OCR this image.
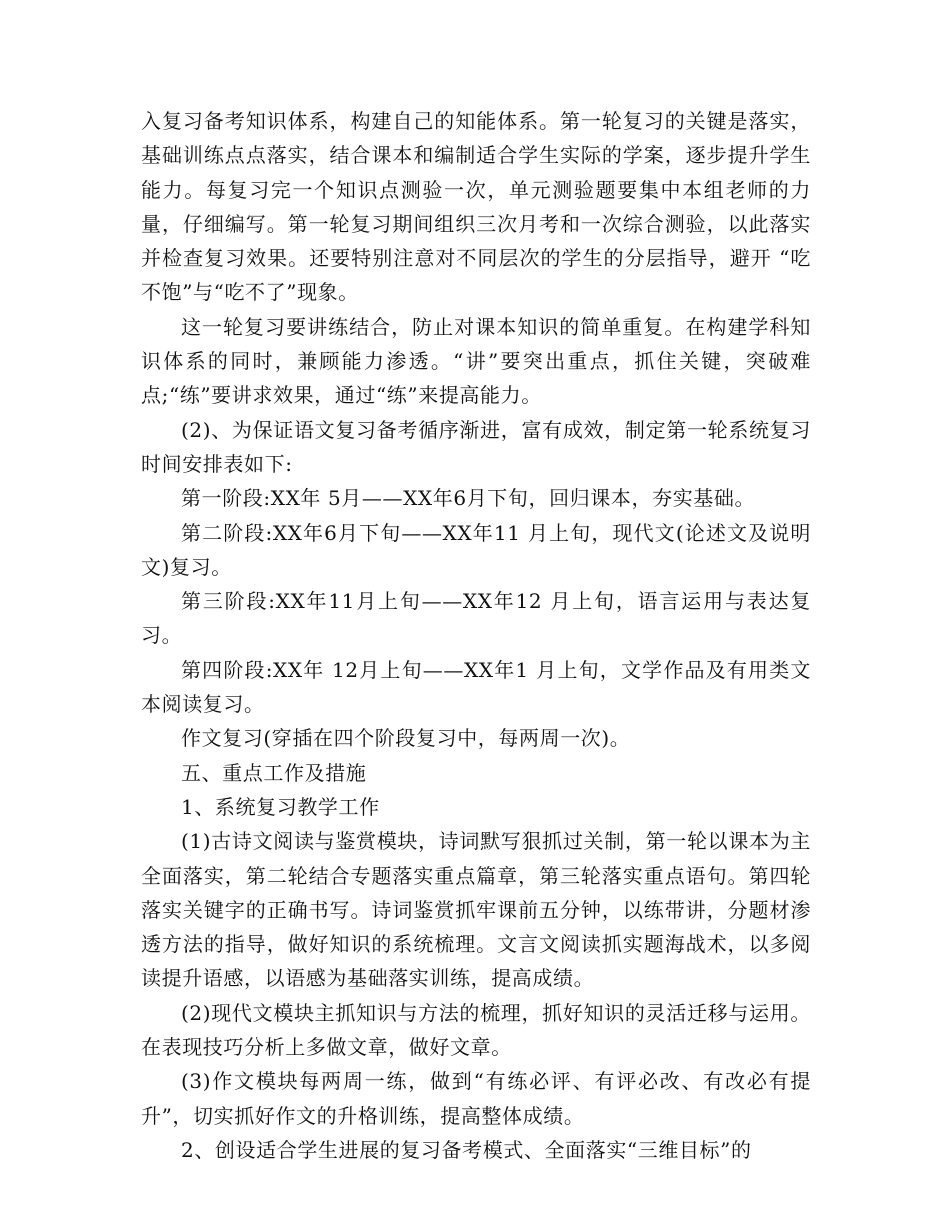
入复习备考知识体系，构建自己的知能体系。第一轮复习的关键是落实，基础训练点点落实，结合课本和编制适合学生实际的学案，逐步提升学生能力。每复习完一个知识点测验一次，单元测验题要集中本组老师的力量，仔细编写。第一轮复习期间组织三次月考和一次综合测验，以此落实并检查复习效果。还要特别注意对不同层次的学生的分层指导，避开 “吃不饱”与“吃不了”现象。

这一轮复习要讲练结合，防止对课本知识的简单重复。在构建学科知识体系的同时，兼顾能力渗透。“讲”要突出重点，抓住关键，突破难点;“练”要讲求效果，通过“练”来提高能力。

(2)、为保证语文复习备考循序渐进，富有成效，制定第一轮系统复习时间安排表如下:

第一阶段:XX年 5月——XX年6月下旬，回归课本，夯实基础。

第二阶段:XX年6月下旬——XX年11 月上旬，现代文(论述文及说明文)复习。

第三阶段:XX年11月上旬——XX年12 月上旬，语言运用与表达复习。

第四阶段:XX年 12月上旬——XX年1 月上旬，文学作品及有用类文本阅读复习。

作文复习(穿插在四个阶段复习中，每两周一次)。

五、重点工作及措施

1、系统复习教学工作

(1)古诗文阅读与鉴赏模块，诗词默写狠抓过关制，第一轮以课本为主全面落实，第二轮结合专题落实重点篇章，第三轮落实重点语句。第四轮落实关键字的正确书写。诗词鉴赏抓牢课前五分钟，以练带讲，分题材渗透方法的指导，做好知识的系统梳理。文言文阅读抓实题海战术，以多阅读提升语感，以语感为基础落实训练，提高成绩。

(2)现代文模块主抓知识与方法的梳理，抓好知识的灵活迁移与运用。在表现技巧分析上多做文章，做好文章。

(3)作文模块每两周一练，做到“有练必评、有评必改、有改必有提升”，切实抓好作文的升格训练，提高整体成绩。

2、创设适合学生进展的复习备考模式、全面落实“三维目标”的
